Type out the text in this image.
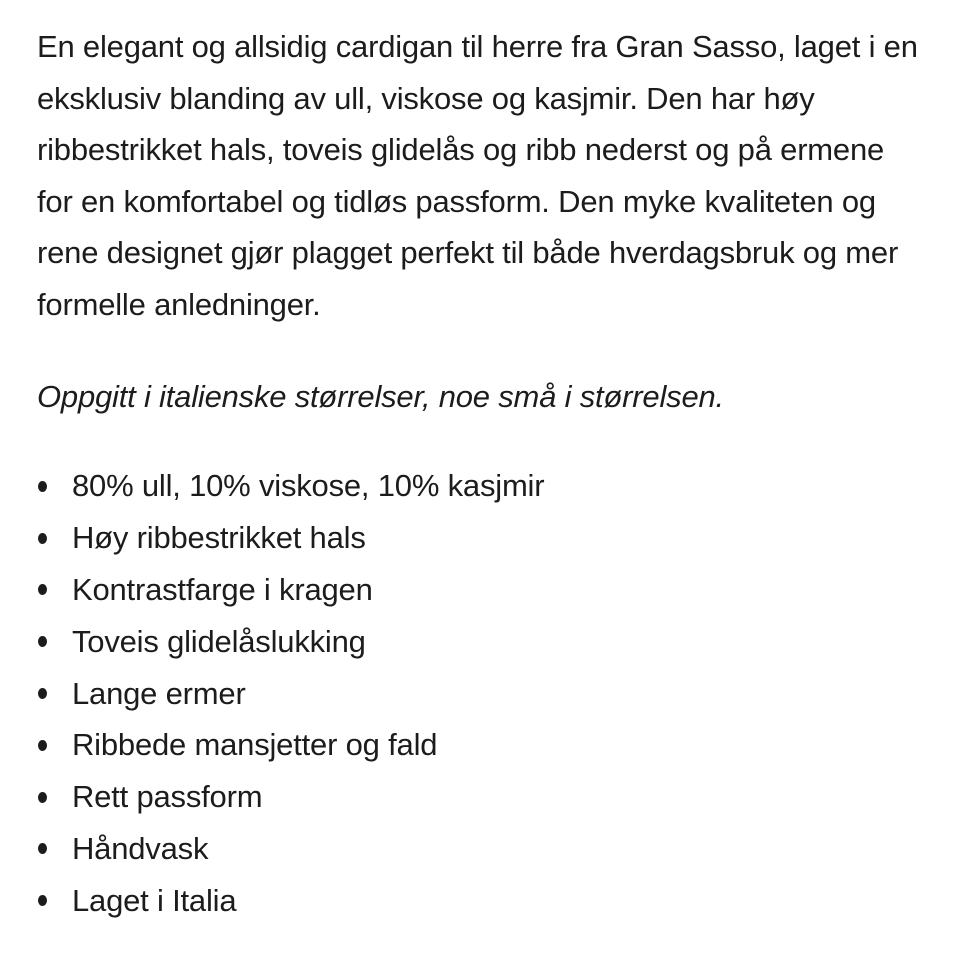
En elegant og allsidig cardigan til herre fra Gran Sasso, laget i en eksklusiv blanding av ull, viskose og kasjmir. Den har høy ribbestrikket hals, toveis glidelås og ribb nederst og på ermene for en komfortabel og tidløs passform. Den myke kvaliteten og rene designet gjør plagget perfekt til både hverdagsbruk og mer formelle anledninger.

Oppgitt i italienske størrelser, noe små i størrelsen.

80% ull, 10% viskose, 10% kasjmir
Høy ribbestrikket hals
Kontrastfarge i kragen
Toveis glidelåslukking
Lange ermer
Ribbede mansjetter og fald
Rett passform
Håndvask
Laget i Italia
